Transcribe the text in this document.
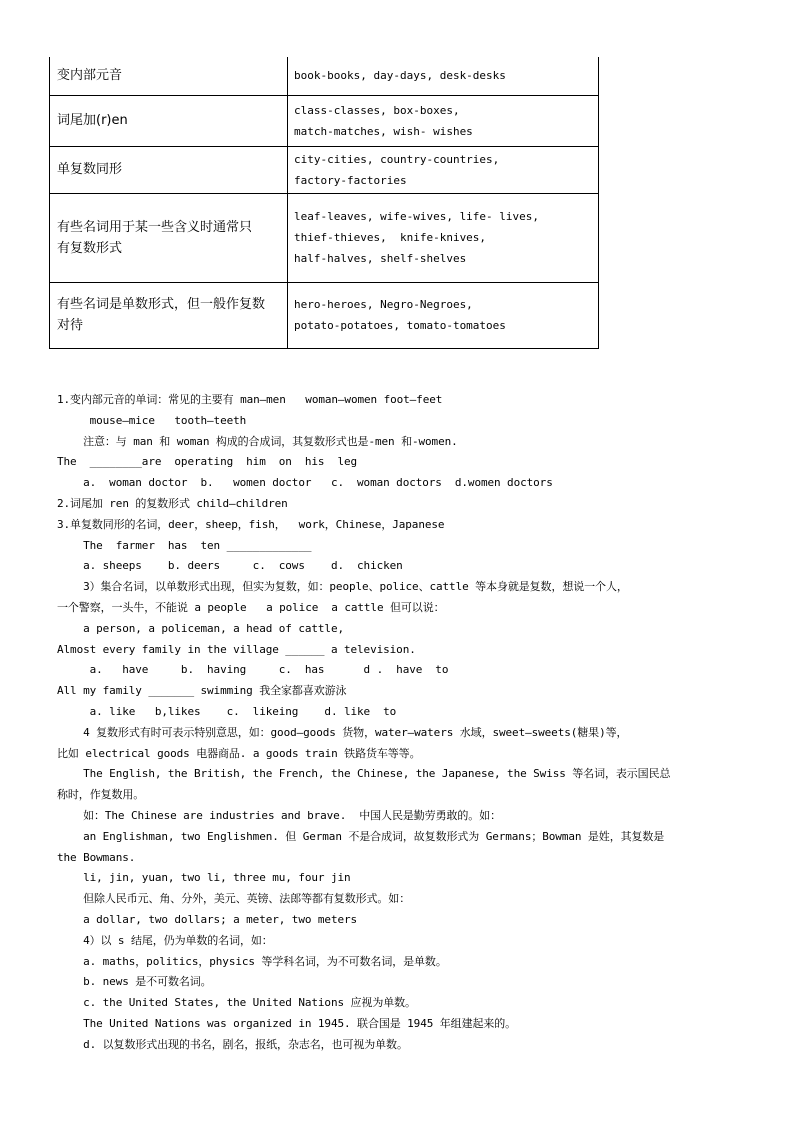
变内部元音	book-books, day-days, desk-desks

词尾加(r)en	class-classes, box-boxes,
match-matches, wish- wishes

单复数同形	city-cities, country-countries,
factory-factories

有些名词用于某一些含义时通常只
有复数形式	leaf-leaves, wife-wives, life- lives,
thief-thieves,  knife-knives,
half-halves, shelf-shelves

有些名词是单数形式，但一般作复数
对待	hero-heroes, Negro-Negroes,
potato-potatoes, tomato-tomatoes
1.变内部元音的单词：常见的主要有 man—men   woman—women foot—feet
mouse—mice   tooth—teeth
注意：与 man 和 woman 构成的合成词，其复数形式也是-men 和-women.
The  ________are  operating  him  on  his  leg
a.  woman doctor  b.   women doctor   c.  woman doctors  d.women doctors
2.词尾加 ren 的复数形式 child—children
3.单复数同形的名词，deer，sheep，fish，  work，Chinese，Japanese
The  farmer  has  ten _____________
a. sheeps    b. deers     c.  cows    d.  chicken
3）集合名词，以单数形式出现，但实为复数，如：people、police、cattle 等本身就是复数，想说一个人，
一个警察，一头牛，不能说 a people   a police  a cattle 但可以说：
a person, a policeman, a head of cattle,
Almost every family in the village ______ a television.
a.   have     b.  having     c.  has      d .  have  to
All my family _______ swimming 我全家都喜欢游泳
a. like   b,likes    c.  likeing    d. like  to
4 复数形式有时可表示特别意思，如：good—goods 货物，water—waters 水域，sweet—sweets(糖果)等，
比如 electrical goods 电器商品. a goods train 铁路货车等等。
The English, the British, the French, the Chinese, the Japanese, the Swiss 等名词，表示国民总
称时，作复数用。
如：The Chinese are industries and brave.  中国人民是勤劳勇敢的。如：
an Englishman, two Englishmen. 但 German 不是合成词，故复数形式为 Germans；Bowman 是姓，其复数是
the Bowmans.
li, jin, yuan, two li, three mu, four jin
但除人民币元、角、分外，美元、英镑、法郎等都有复数形式。如：
a dollar, two dollars; a meter, two meters
4）以 s 结尾，仍为单数的名词，如：
a. maths，politics，physics 等学科名词，为不可数名词，是单数。
b. news 是不可数名词。
c. the United States, the United Nations 应视为单数。
The United Nations was organized in 1945. 联合国是 1945 年组建起来的。
d. 以复数形式出现的书名，剧名，报纸，杂志名，也可视为单数。
